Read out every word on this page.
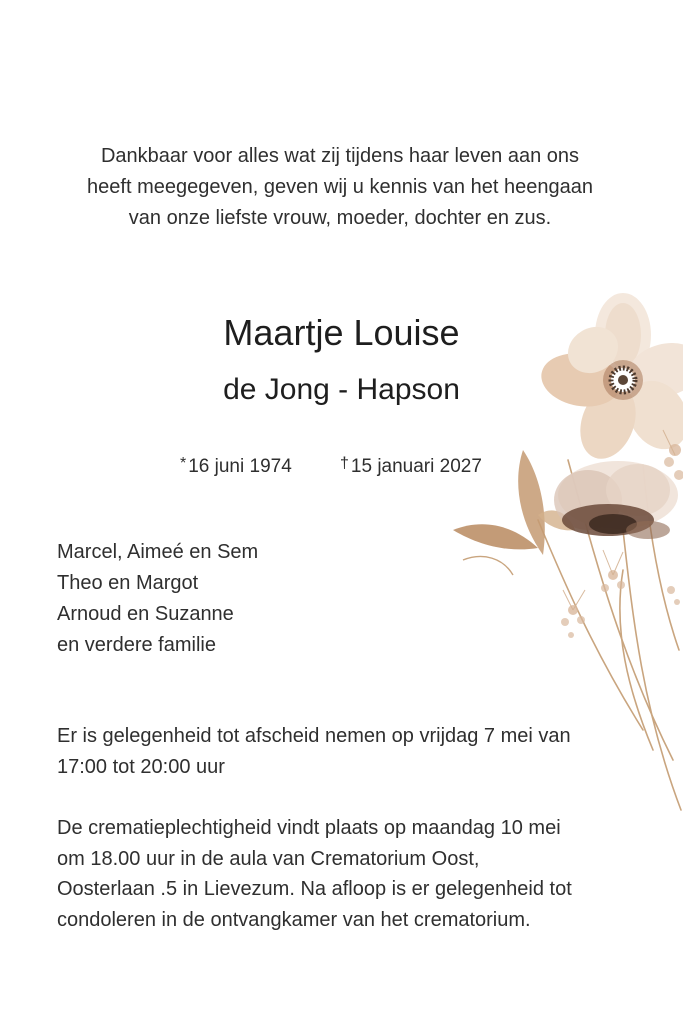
Dankbaar voor alles wat zij tijdens haar leven aan ons
heeft meegegeven, geven wij u kennis van het heengaan
van onze liefste vrouw, moeder, dochter en zus.
Maartje Louise
de Jong - Hapson
* 16 juni 1974	† 15 januari 2027
Marcel, Aimeé en Sem
Theo en Margot
Arnoud en Suzanne
en verdere familie
Er is gelegenheid tot afscheid nemen op vrijdag 7 mei van
17:00 tot 20:00 uur
De crematieplechtigheid vindt plaats op maandag 10 mei
om 18.00 uur in de aula van Crematorium Oost,
Oosterlaan .5 in Lievezum. Na afloop is er gelegenheid tot
condoleren in de ontvangkamer van het crematorium.
